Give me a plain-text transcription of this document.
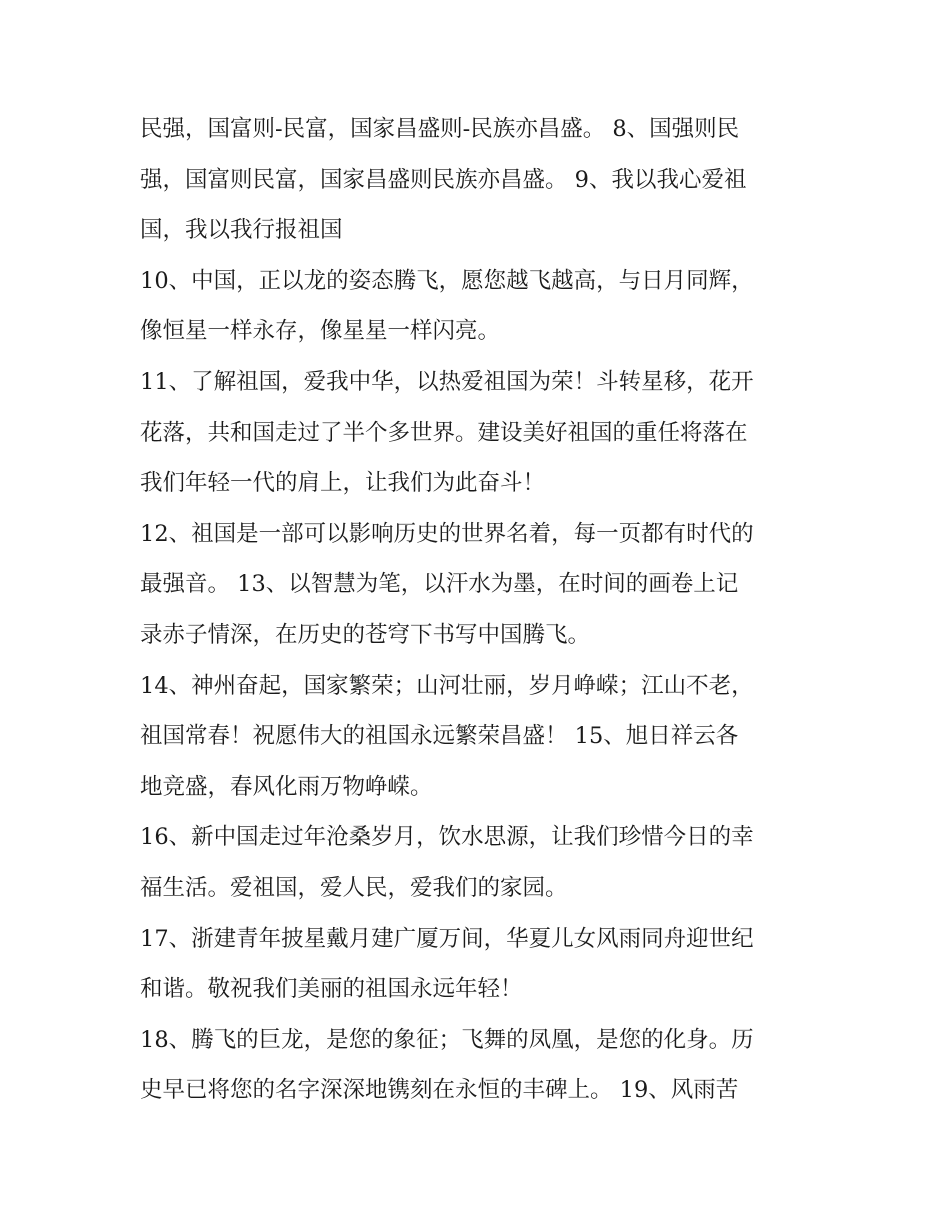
民强，国富则-民富，国家昌盛则-民族亦昌盛。 8、国强则民
强，国富则民富，国家昌盛则民族亦昌盛。 9、我以我心爱祖
国，我以我行报祖国
10、中国，正以龙的姿态腾飞，愿您越飞越高，与日月同辉，
像恒星一样永存，像星星一样闪亮。
11、了解祖国，爱我中华，以热爱祖国为荣！斗转星移，花开
花落，共和国走过了半个多世界。建设美好祖国的重任将落在
我们年轻一代的肩上，让我们为此奋斗！
12、祖国是一部可以影响历史的世界名着，每一页都有时代的
最强音。 13、以智慧为笔，以汗水为墨，在时间的画卷上记
录赤子情深，在历史的苍穹下书写中国腾飞。
14、神州奋起，国家繁荣；山河壮丽，岁月峥嵘；江山不老，
祖国常春！祝愿伟大的祖国永远繁荣昌盛！ 15、旭日祥云各
地竞盛，春风化雨万物峥嵘。
16、新中国走过年沧桑岁月，饮水思源，让我们珍惜今日的幸
福生活。爱祖国，爱人民，爱我们的家园。
17、浙建青年披星戴月建广厦万间，华夏儿女风雨同舟迎世纪
和谐。敬祝我们美丽的祖国永远年轻！
18、腾飞的巨龙，是您的象征；飞舞的凤凰，是您的化身。历
史早已将您的名字深深地镌刻在永恒的丰碑上。 19、风雨苦
